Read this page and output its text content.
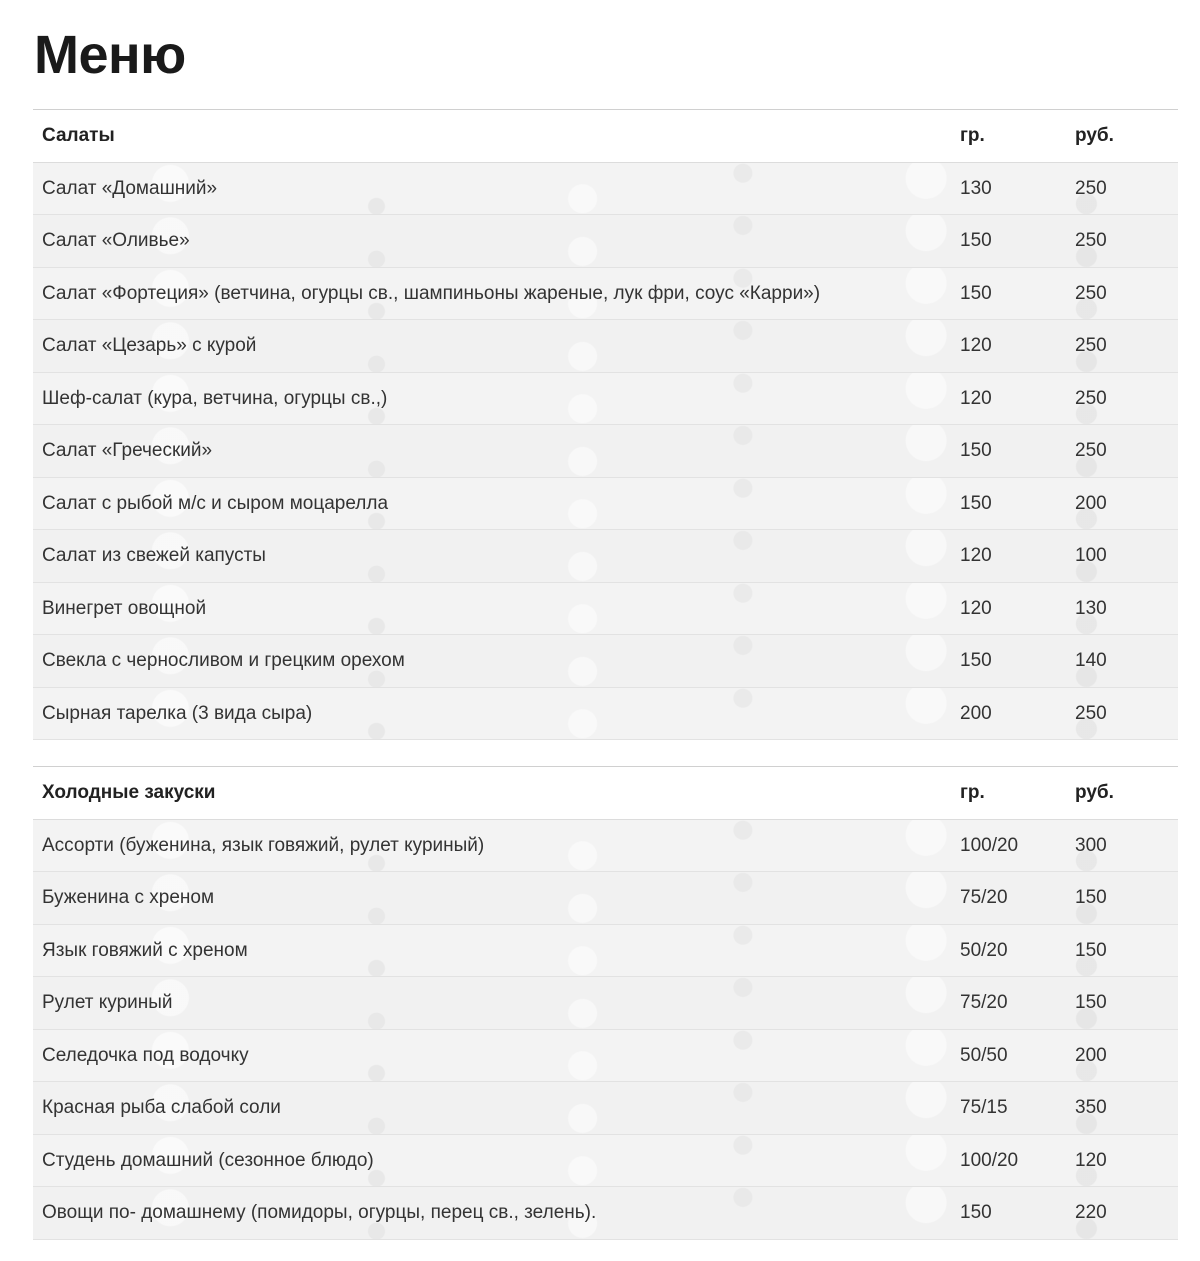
Меню
Салаты	гр.	руб.
Салат «Домашний»	130	250
Салат «Оливье»	150	250
Салат «Фортеция» (ветчина, огурцы св., шампиньоны жареные, лук фри, соус «Карри»)	150	250
Салат «Цезарь» с курой	120	250
Шеф-салат (кура, ветчина, огурцы св.,)	120	250
Салат «Греческий»	150	250
Салат с рыбой м/с и сыром моцарелла	150	200
Салат из свежей капусты	120	100
Винегрет овощной	120	130
Свекла с черносливом и грецким орехом	150	140
Сырная тарелка (3 вида сыра)	200	250
Холодные закуски	гр.	руб.
Ассорти (буженина, язык говяжий, рулет куриный)	100/20	300
Буженина с хреном	75/20	150
Язык говяжий с хреном	50/20	150
Рулет куриный	75/20	150
Селедочка под водочку	50/50	200
Красная рыба слабой соли	75/15	350
Студень домашний (сезонное блюдо)	100/20	120
Овощи по- домашнему (помидоры, огурцы, перец св., зелень).	150	220
